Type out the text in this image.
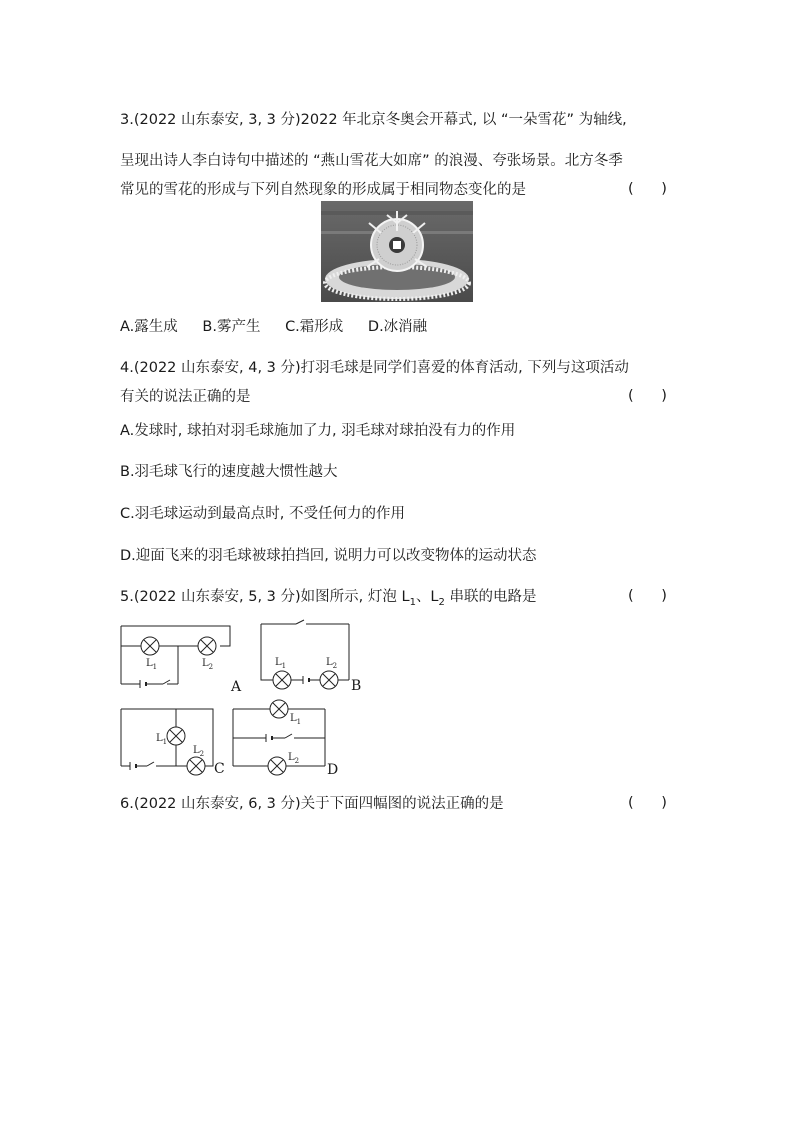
3.(2022 山东泰安, 3, 3 分)2022 年北京冬奥会开幕式, 以 “一朵雪花” 为轴线,
呈现出诗人李白诗句中描述的 “燕山雪花大如席” 的浪漫、夸张场景。北方冬季
常见的雪花的形成与下列自然现象的形成属于相同物态变化的是	(      )
A.露生成 B.雾产生 C.霜形成 D.冰消融
4.(2022 山东泰安, 4, 3 分)打羽毛球是同学们喜爱的体育活动, 下列与这项活动
有关的说法正确的是	(      )
A.发球时, 球拍对羽毛球施加了力, 羽毛球对球拍没有力的作用
B.羽毛球飞行的速度越大惯性越大
C.羽毛球运动到最高点时, 不受任何力的作用
D.迎面飞来的羽毛球被球拍挡回, 说明力可以改变物体的运动状态
5.(2022 山东泰安, 5, 3 分)如图所示, 灯泡 $L_1$、$L_2$ 串联的电路是	(      )
$L_1$	$L_2$	$L_1$	$L_2$
$L_1$
$L_2$
$L_1$
$L_2$
A	B
C	D
6.(2022 山东泰安, 6, 3 分)关于下面四幅图的说法正确的是	(      )
